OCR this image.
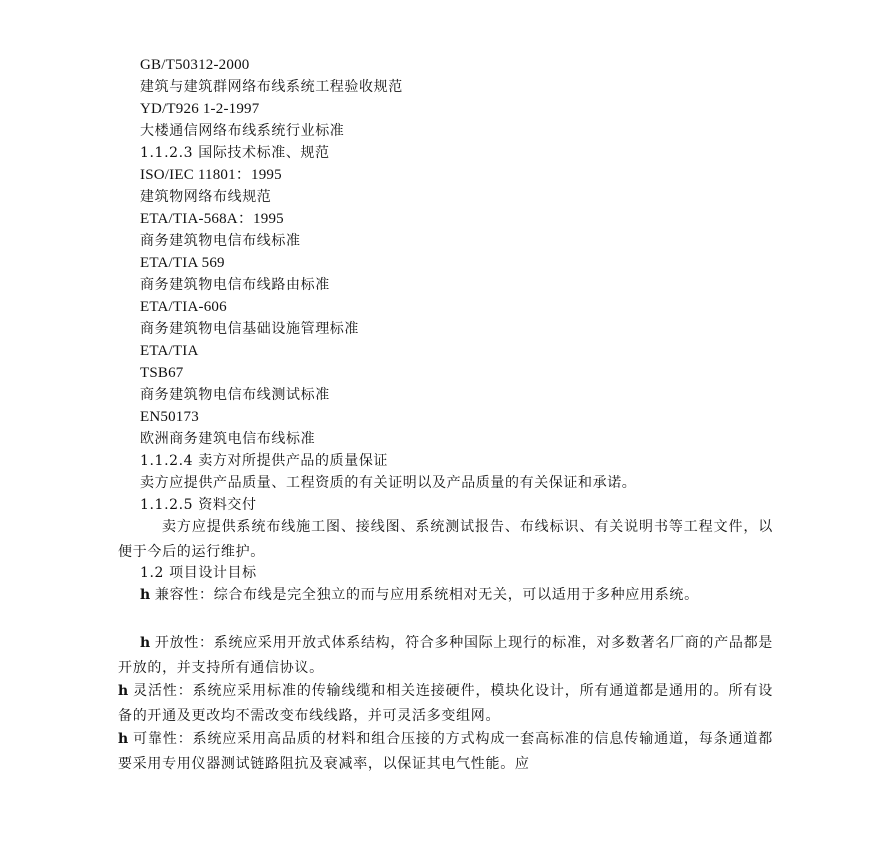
GB/T50312-2000
建筑与建筑群网络布线系统工程验收规范
YD/T926 1-2-1997
大楼通信网络布线系统行业标准
1.1.2.3 国际技术标准、规范
ISO/IEC 11801：1995
建筑物网络布线规范
ETA/TIA-568A：1995
商务建筑物电信布线标准
ETA/TIA 569
商务建筑物电信布线路由标准
ETA/TIA-606
商务建筑物电信基础设施管理标准
ETA/TIA
TSB67
商务建筑物电信布线测试标准
EN50173
欧洲商务建筑电信布线标准
1.1.2.4 卖方对所提供产品的质量保证
卖方应提供产品质量、工程资质的有关证明以及产品质量的有关保证和承诺。
1.1.2.5 资料交付
卖方应提供系统布线施工图、接线图、系统测试报告、布线标识、有关说明书等工程文件，以便于今后的运行维护。
1.2 项目设计目标
h 兼容性：综合布线是完全独立的而与应用系统相对无关，可以适用于多种应用系统。
h 开放性：系统应采用开放式体系结构，符合多种国际上现行的标准，对多数著名厂商的产品都是开放的，并支持所有通信协议。
h 灵活性：系统应采用标准的传输线缆和相关连接硬件，模块化设计，所有通道都是通用的。所有设备的开通及更改均不需改变布线线路，并可灵活多变组网。
h 可靠性：系统应采用高品质的材料和组合压接的方式构成一套高标准的信息传输通道，每条通道都要采用专用仪器测试链路阻抗及衰减率，以保证其电气性能。应
